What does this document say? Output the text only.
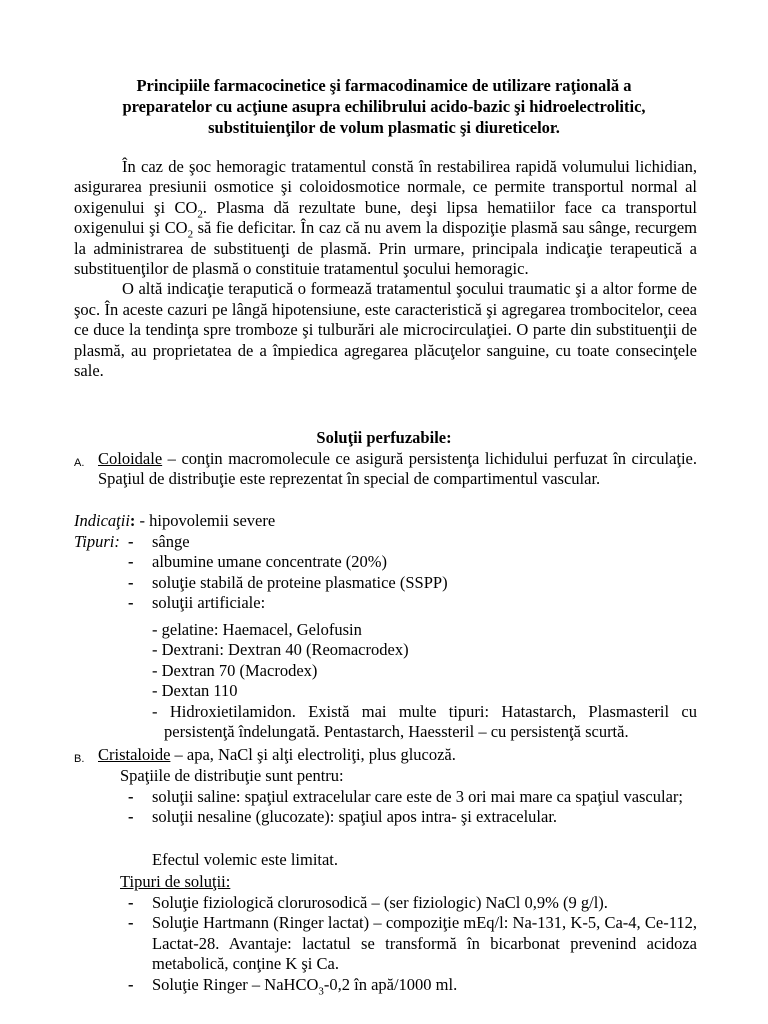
Principiile farmacocinetice şi farmacodinamice de utilizare raţională a
preparatelor cu acţiune asupra echilibrului acido-bazic şi hidroelectrolitic,
substituienţilor de volum plasmatic şi diureticelor.

În caz de şoc hemoragic tratamentul constă în restabilirea rapidă volumului lichidian, asigurarea presiunii osmotice şi coloidosmotice normale, ce permite transportul normal al oxigenului şi $CO_2$. Plasma dă rezultate bune, deşi lipsa hematiilor face ca transportul oxigenului şi $CO_2$ să fie deficitar. În caz că nu avem la dispoziţie plasmă sau sânge, recurgem la administrarea de substituenţi de plasmă. Prin urmare, principala indicaţie terapeutică a substituenţilor de plasmă o constituie tratamentul şocului hemoragic.

O altă indicaţie teraputică o formează tratamentul şocului traumatic şi a altor forme de şoc. În aceste cazuri pe lângă hipotensiune, este caracteristică şi agregarea trombocitelor, ceea ce duce la tendinţa spre tromboze şi tulburări ale microcirculaţiei. O parte din substituenţii de plasmă, au proprietatea de a împiedica agregarea plăcuţelor sanguine, cu toate consecinţele sale.

Soluţii perfuzabile:
A. Coloidale – conţin macromolecule ce asigură persistenţa lichidului perfuzat în circulaţie. Spaţiul de distribuţie este reprezentat în special de compartimentul vascular.
Indicaţii: - hipovolemii severe
Tipuri: - sânge
- albumine umane concentrate (20%)
- soluţie stabilă de proteine plasmatice (SSPP)
- soluţii artificiale:
- gelatine: Haemacel, Gelofusin
- Dextrani: Dextran 40 (Reomacrodex)
- Dextran 70 (Macrodex)
- Dextan 110
- Hidroxietilamidon. Există mai multe tipuri: Hatastarch, Plasmasteril cu persistenţă îndelungată. Pentastarch, Haessteril – cu persistenţă scurtă.
B. Cristaloide – apa, NaCl şi alţi electroliţi, plus glucoză.
Spaţiile de distribuţie sunt pentru:
- soluţii saline: spaţiul extracelular care este de 3 ori mai mare ca spaţiul vascular;
- soluţii nesaline (glucozate): spaţiul apos intra- şi extracelular.
Efectul volemic este limitat.
Tipuri de soluţii:
- Soluţie fiziologică clorurosodică – (ser fiziologic) NaCl 0,9% (9 g/l).
- Soluţie Hartmann (Ringer lactat) – compoziţie mEq/l: Na-131, K-5, Ca-4, Ce-112, Lactat-28. Avantaje: lactatul se transformă în bicarbonat prevenind acidoza metabolică, conţine K şi Ca.
- Soluţie Ringer – NaHCO$_3$-0,2 în apă/1000 ml.
